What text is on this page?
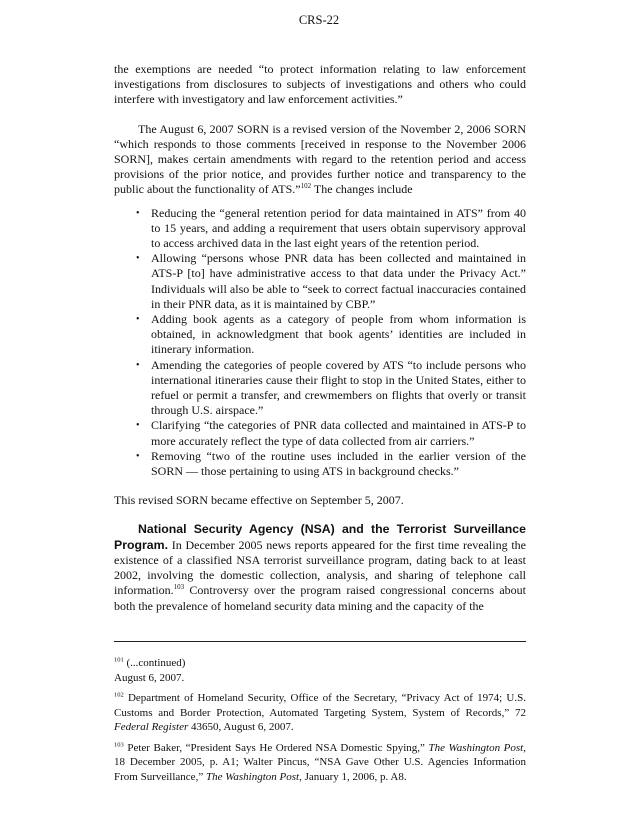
CRS-22

the exemptions are needed “to protect information relating to law enforcement investigations from disclosures to subjects of investigations and others who could interfere with investigatory and law enforcement activities.”

The August 6, 2007 SORN is a revised version of the November 2, 2006 SORN “which responds to those comments [received in response to the November 2006 SORN], makes certain amendments with regard to the retention period and access provisions of the prior notice, and provides further notice and transparency to the public about the functionality of ATS.”$^{102}$ The changes include

• Reducing the “general retention period for data maintained in ATS” from 40 to 15 years, and adding a requirement that users obtain supervisory approval to access archived data in the last eight years of the retention period.
• Allowing “persons whose PNR data has been collected and maintained in ATS-P [to] have administrative access to that data under the Privacy Act.” Individuals will also be able to “seek to correct factual inaccuracies contained in their PNR data, as it is maintained by CBP.”
• Adding book agents as a category of people from whom information is obtained, in acknowledgment that book agents’ identities are included in itinerary information.
• Amending the categories of people covered by ATS “to include persons who international itineraries cause their flight to stop in the United States, either to refuel or permit a transfer, and crewmembers on flights that overly or transit through U.S. airspace.”
• Clarifying “the categories of PNR data collected and maintained in ATS-P to more accurately reflect the type of data collected from air carriers.”
• Removing “two of the routine uses included in the earlier version of the SORN — those pertaining to using ATS in background checks.”

This revised SORN became effective on September 5, 2007.

National Security Agency (NSA) and the Terrorist Surveillance Program. In December 2005 news reports appeared for the first time revealing the existence of a classified NSA terrorist surveillance program, dating back to at least 2002, involving the domestic collection, analysis, and sharing of telephone call information.$^{103}$ Controversy over the program raised congressional concerns about both the prevalence of homeland security data mining and the capacity of the

$^{101}$ (...continued)
August 6, 2007.

$^{102}$ Department of Homeland Security, Office of the Secretary, “Privacy Act of 1974; U.S. Customs and Border Protection, Automated Targeting System, System of Records,” 72 Federal Register 43650, August 6, 2007.

$^{103}$ Peter Baker, “President Says He Ordered NSA Domestic Spying,” The Washington Post, 18 December 2005, p. A1; Walter Pincus, “NSA Gave Other U.S. Agencies Information From Surveillance,” The Washington Post, January 1, 2006, p. A8.
